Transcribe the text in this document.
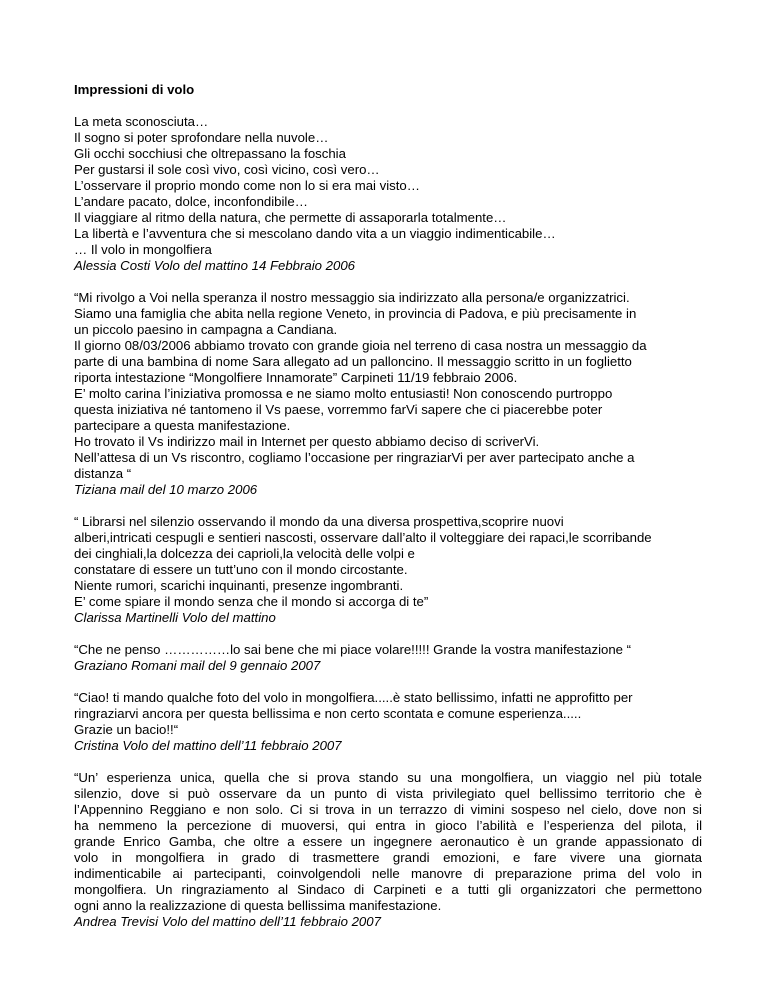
Impressioni di volo
La meta sconosciuta…
Il sogno si poter sprofondare nella nuvole…
Gli occhi socchiusi che oltrepassano la foschia
Per gustarsi il sole così vivo, così vicino, così vero…
L’osservare il proprio mondo come non lo si era mai visto…
L’andare pacato, dolce, inconfondibile…
Il viaggiare al ritmo della natura, che permette di assaporarla totalmente…
La libertà e l’avventura che si mescolano dando vita a un viaggio indimenticabile…
… Il volo in mongolfiera
Alessia Costi Volo del mattino 14 Febbraio 2006
“Mi rivolgo a Voi nella speranza il nostro messaggio sia indirizzato alla persona/e organizzatrici.
Siamo una famiglia che abita nella regione Veneto, in provincia di Padova, e più precisamente in
un piccolo paesino in campagna a Candiana.
Il giorno 08/03/2006 abbiamo trovato con grande gioia nel terreno di casa nostra un messaggio da
parte di una bambina di nome Sara allegato ad un palloncino. Il messaggio scritto in un foglietto
riporta intestazione “Mongolfiere Innamorate” Carpineti 11/19 febbraio 2006.
E’ molto carina l’iniziativa promossa e ne siamo molto entusiasti! Non conoscendo purtroppo
questa iniziativa né tantomeno il Vs paese, vorremmo farVi sapere che ci piacerebbe poter
partecipare a questa manifestazione.
Ho trovato il Vs indirizzo mail in Internet per questo abbiamo deciso di scriverVi.
Nell’attesa di un Vs riscontro, cogliamo l’occasione per ringraziarVi per aver partecipato anche a
distanza “
Tiziana mail del 10 marzo 2006
“ Librarsi nel silenzio osservando il mondo da una diversa prospettiva,scoprire nuovi
alberi,intricati cespugli e sentieri nascosti, osservare dall’alto il volteggiare dei rapaci,le scorribande
dei cinghiali,la dolcezza dei caprioli,la velocità delle volpi e
constatare di essere un tutt’uno con il mondo circostante.
Niente rumori, scarichi inquinanti, presenze ingombranti.
E’ come spiare il mondo senza che il mondo si accorga di te”
Clarissa Martinelli Volo del mattino
“Che ne penso ……………lo sai bene che mi piace volare!!!!! Grande la vostra manifestazione “
Graziano Romani mail del 9 gennaio 2007
“Ciao! ti mando qualche foto del volo in mongolfiera.....è stato bellissimo, infatti ne approfitto per
ringraziarvi ancora per questa bellissima e non certo scontata e comune esperienza.....
Grazie un bacio!!“
Cristina Volo del mattino dell’11 febbraio 2007
“Un’ esperienza unica, quella che si prova stando su una mongolfiera, un viaggio nel più totale
silenzio, dove si può osservare da un punto di vista privilegiato quel bellissimo territorio che è
l’Appennino Reggiano e non solo. Ci si trova in un terrazzo di vimini sospeso nel cielo, dove non si
ha nemmeno la percezione di muoversi, qui entra in gioco l’abilità e l’esperienza del pilota, il
grande Enrico Gamba, che oltre a essere un ingegnere aeronautico è un grande appassionato di
volo in mongolfiera in grado di trasmettere grandi emozioni, e fare vivere una giornata
indimenticabile ai partecipanti, coinvolgendoli nelle manovre di preparazione prima del volo in
mongolfiera. Un ringraziamento al Sindaco di Carpineti e a tutti gli organizzatori che permettono
ogni anno la realizzazione di questa bellissima manifestazione.
Andrea Trevisi Volo del mattino dell’11 febbraio 2007
